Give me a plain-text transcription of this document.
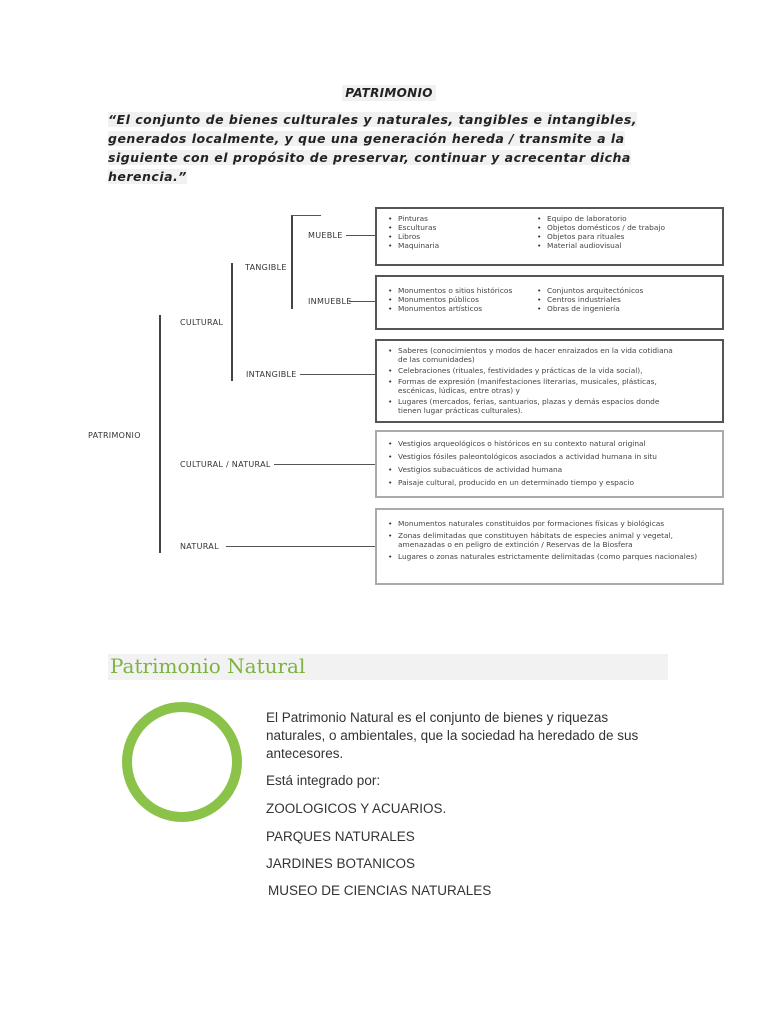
PATRIMONIO
“El conjunto de bienes culturales y naturales, tangibles e intangibles, generados localmente, y que una generación hereda / transmite a la siguiente con el propósito de preservar, continuar y acrecentar dicha herencia.”
PATRIMONIO
CULTURAL
TANGIBLE
MUEBLE
INMUEBLE
INTANGIBLE
CULTURAL / NATURAL
NATURAL
• Pinturas
• Esculturas
• Libros
• Maquinaria
• Equipo de laboratorio
• Objetos domésticos / de trabajo
• Objetos para rituales
• Material audiovisual
• Monumentos o sitios históricos
• Monumentos públicos
• Monumentos artísticos
• Conjuntos arquitectónicos
• Centros industriales
• Obras de ingeniería
• Saberes (conocimientos y modos de hacer enraizados en la vida cotidiana de las comunidades)
• Celebraciones (rituales, festividades y prácticas de la vida social),
• Formas de expresión (manifestaciones literarias, musicales, plásticas, escénicas, lúdicas, entre otras) y
• Lugares (mercados, ferias, santuarios, plazas y demás espacios donde tienen lugar prácticas culturales).
• Vestigios arqueológicos o históricos en su contexto natural original
• Vestigios fósiles paleontológicos asociados a actividad humana in situ
• Vestigios subacuáticos de actividad humana
• Paisaje cultural, producido en un determinado tiempo y espacio
• Monumentos naturales constituidos por formaciones físicas y biológicas
• Zonas delimitadas que constituyen hábitats de especies animal y vegetal, amenazadas o en peligro de extinción / Reservas de la Biosfera
• Lugares o zonas naturales estrictamente delimitadas (como parques nacionales)
Patrimonio Natural
El Patrimonio Natural es el conjunto de bienes y riquezas naturales, o ambientales, que la sociedad ha heredado de sus antecesores.
Está integrado por:
ZOOLOGICOS Y ACUARIOS.
PARQUES NATURALES
JARDINES BOTANICOS
MUSEO DE CIENCIAS NATURALES
